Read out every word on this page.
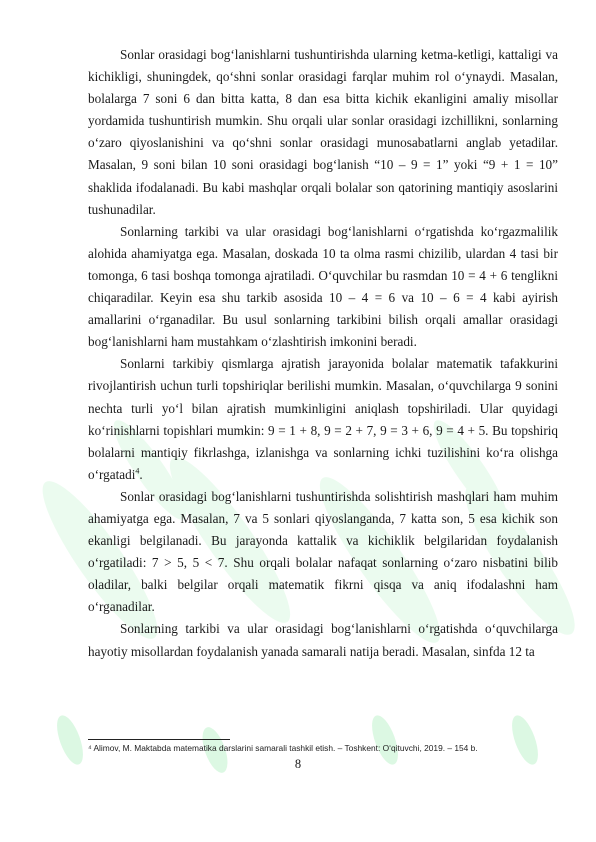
Sonlar orasidagi bog‘lanishlarni tushuntirishda ularning ketma-ketligi, kattaligi va kichikligi, shuningdek, qo‘shni sonlar orasidagi farqlar muhim rol o‘ynaydi. Masalan, bolalarga 7 soni 6 dan bitta katta, 8 dan esa bitta kichik ekanligini amaliy misollar yordamida tushuntirish mumkin. Shu orqali ular sonlar orasidagi izchillikni, sonlarning o‘zaro qiyoslanishini va qo‘shni sonlar orasidagi munosabatlarni anglab yetadilar. Masalan, 9 soni bilan 10 soni orasidagi bog‘lanish “10 – 9 = 1” yoki “9 + 1 = 10” shaklida ifodalanadi. Bu kabi mashqlar orqali bolalar son qatorining mantiqiy asoslarini tushunadilar.

Sonlarning tarkibi va ular orasidagi bog‘lanishlarni o‘rgatishda ko‘rgazmalilik alohida ahamiyatga ega. Masalan, doskada 10 ta olma rasmi chizilib, ulardan 4 tasi bir tomonga, 6 tasi boshqa tomonga ajratiladi. O‘quvchilar bu rasmdan 10 = 4 + 6 tenglikni chiqaradilar. Keyin esa shu tarkib asosida 10 – 4 = 6 va 10 – 6 = 4 kabi ayirish amallarini o‘rganadilar. Bu usul sonlarning tarkibini bilish orqali amallar orasidagi bog‘lanishlarni ham mustahkam o‘zlashtirish imkonini beradi.

Sonlarni tarkibiy qismlarga ajratish jarayonida bolalar matematik tafakkurini rivojlantirish uchun turli topshiriqlar berilishi mumkin. Masalan, o‘quvchilarga 9 sonini nechta turli yo‘l bilan ajratish mumkinligini aniqlash topshiriladi. Ular quyidagi ko‘rinishlarni topishlari mumkin: 9 = 1 + 8, 9 = 2 + 7, 9 = 3 + 6, 9 = 4 + 5. Bu topshiriq bolalarni mantiqiy fikrlashga, izlanishga va sonlarning ichki tuzilishini ko‘ra olishga o‘rgatadi$^4$.

Sonlar orasidagi bog‘lanishlarni tushuntirishda solishtirish mashqlari ham muhim ahamiyatga ega. Masalan, 7 va 5 sonlari qiyoslanganda, 7 katta son, 5 esa kichik son ekanligi belgilanadi. Bu jarayonda kattalik va kichiklik belgilaridan foydalanish o‘rgatiladi: 7 > 5, 5 < 7. Shu orqali bolalar nafaqat sonlarning o‘zaro nisbatini bilib oladilar, balki belgilar orqali matematik fikrni qisqa va aniq ifodalashni ham o‘rganadilar.

Sonlarning tarkibi va ular orasidagi bog‘lanishlarni o‘rgatishda o‘quvchilarga hayotiy misollardan foydalanish yanada samarali natija beradi. Masalan, sinfda 12 ta

⁴ Alimov, M. Maktabda matematika darslarini samarali tashkil etish. – Toshkent: O‘qituvchi, 2019. – 154 b.
8
